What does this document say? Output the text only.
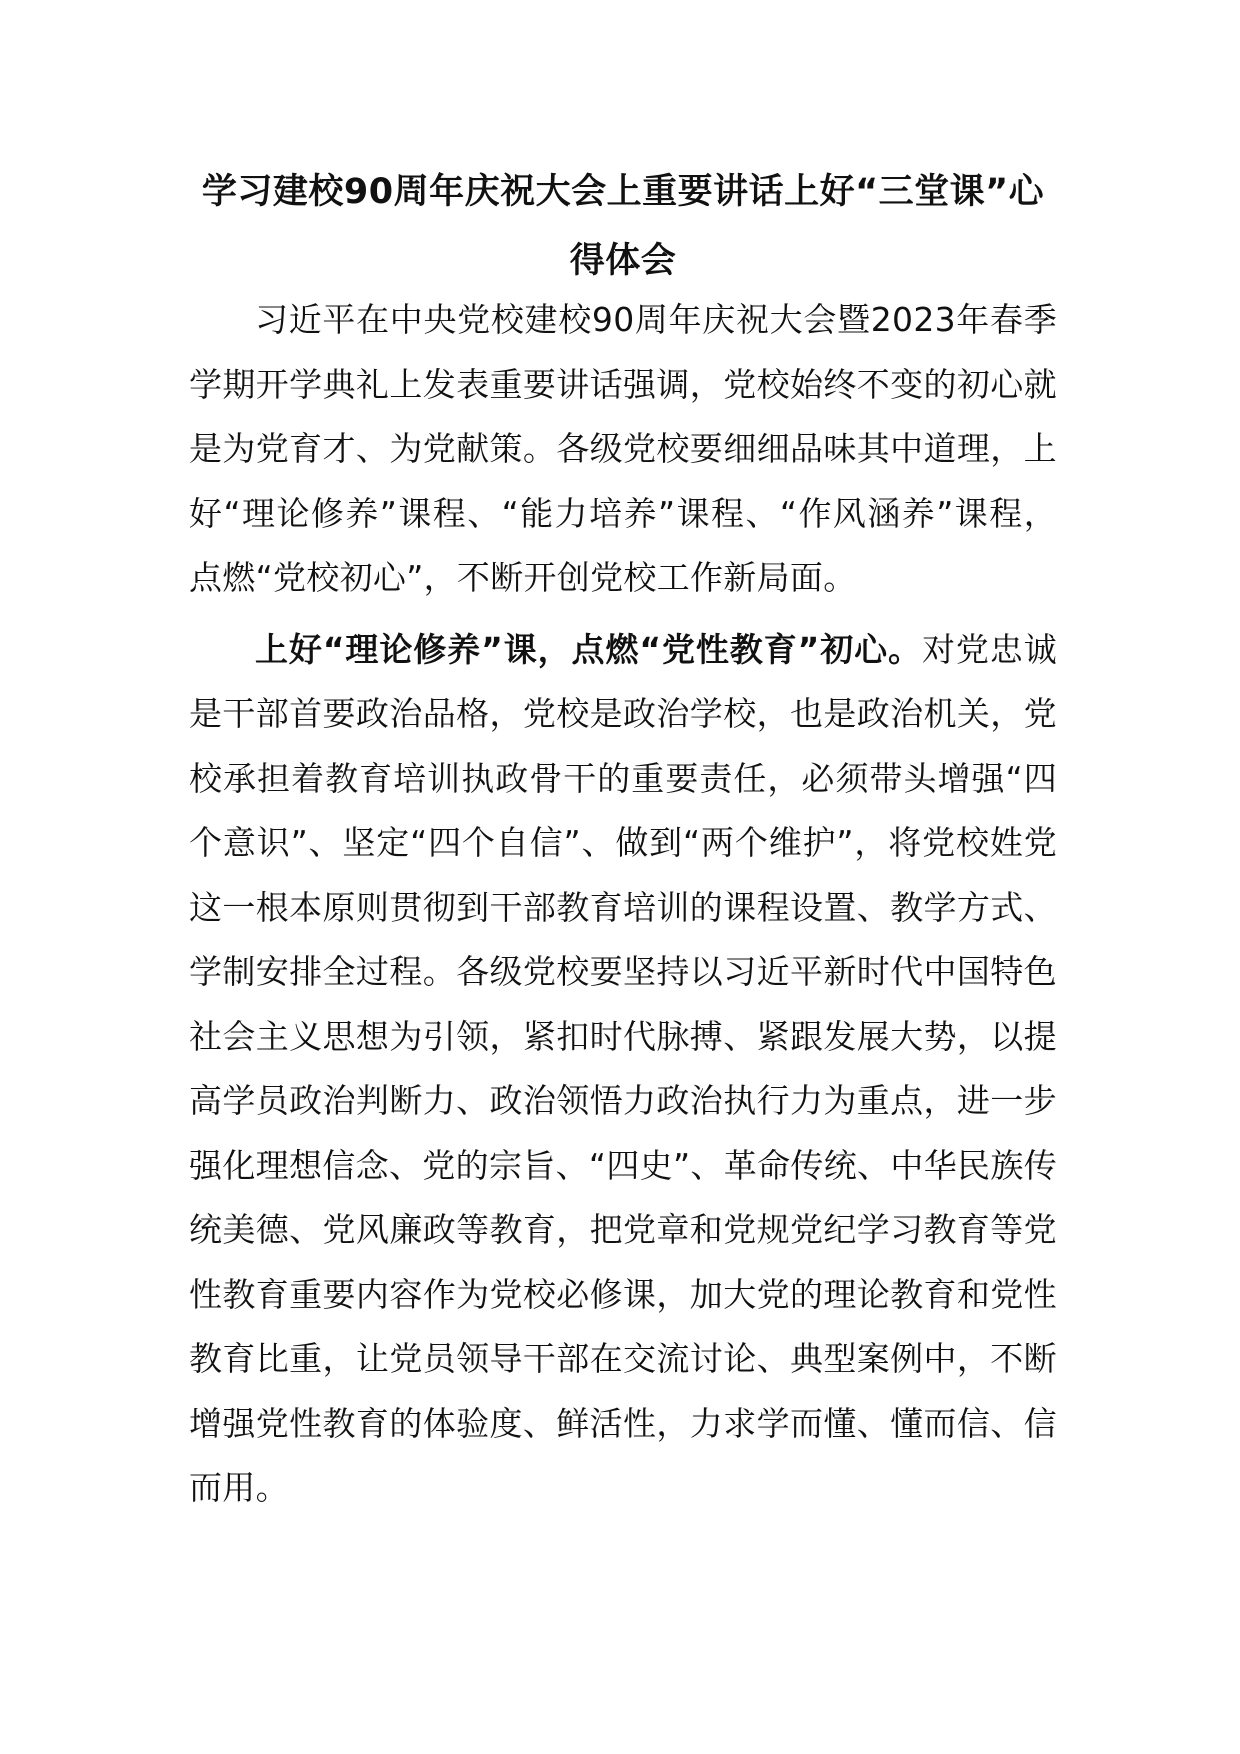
学习建校90周年庆祝大会上重要讲话上好“三堂课”心得体会

习近平在中央党校建校90周年庆祝大会暨2023年春季学期开学典礼上发表重要讲话强调，党校始终不变的初心就是为党育才、为党献策。各级党校要细细品味其中道理，上好“理论修养”课程、“能力培养”课程、“作风涵养”课程，点燃“党校初心”，不断开创党校工作新局面。

上好“理论修养”课，点燃“党性教育”初心。对党忠诚是干部首要政治品格，党校是政治学校，也是政治机关，党校承担着教育培训执政骨干的重要责任，必须带头增强“四个意识”、坚定“四个自信”、做到“两个维护”，将党校姓党这一根本原则贯彻到干部教育培训的课程设置、教学方式、学制安排全过程。各级党校要坚持以习近平新时代中国特色社会主义思想为引领，紧扣时代脉搏、紧跟发展大势，以提高学员政治判断力、政治领悟力政治执行力为重点，进一步强化理想信念、党的宗旨、“四史”、革命传统、中华民族传统美德、党风廉政等教育，把党章和党规党纪学习教育等党性教育重要内容作为党校必修课，加大党的理论教育和党性教育比重，让党员领导干部在交流讨论、典型案例中，不断增强党性教育的体验度、鲜活性，力求学而懂、懂而信、信而用。
